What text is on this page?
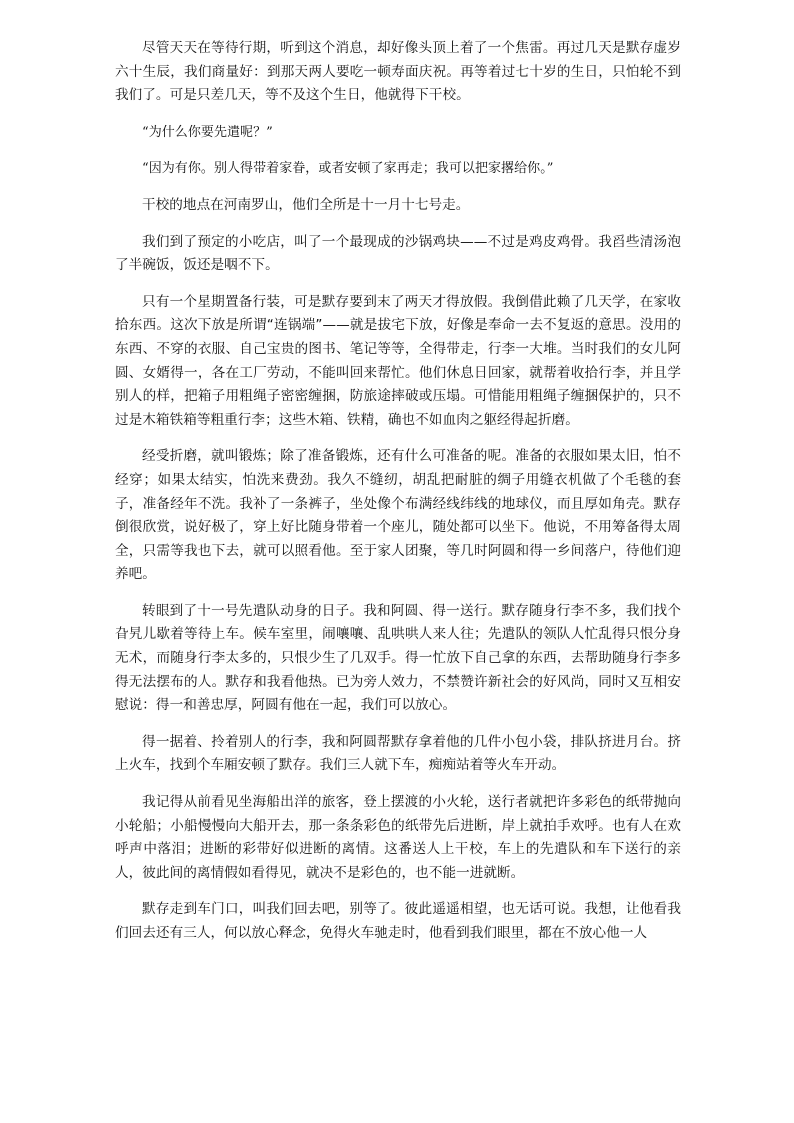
尽管天天在等待行期，听到这个消息，却好像头顶上着了一个焦雷。再过几天是默存虚岁六十生辰，我们商量好：到那天两人要吃一顿寿面庆祝。再等着过七十岁的生日，只怕轮不到我们了。可是只差几天，等不及这个生日，他就得下干校。

“为什么你要先遣呢？”

“因为有你。别人得带着家眷，或者安顿了家再走；我可以把家撂给你。”

干校的地点在河南罗山，他们全所是十一月十七号走。

我们到了预定的小吃店，叫了一个最现成的沙锅鸡块——不过是鸡皮鸡骨。我舀些清汤泡了半碗饭，饭还是咽不下。

只有一个星期置备行装，可是默存要到末了两天才得放假。我倒借此赖了几天学，在家收拾东西。这次下放是所谓“连锅端”——就是拔宅下放，好像是奉命一去不复返的意思。没用的东西、不穿的衣服、自己宝贵的图书、笔记等等，全得带走，行李一大堆。当时我们的女儿阿圆、女婿得一，各在工厂劳动，不能叫回来帮忙。他们休息日回家，就帮着收拾行李，并且学别人的样，把箱子用粗绳子密密缠捆，防旅途摔破或压塌。可惜能用粗绳子缠捆保护的，只不过是木箱铁箱等粗重行李；这些木箱、铁精，确也不如血肉之躯经得起折磨。

经受折磨，就叫锻炼；除了准备锻炼，还有什么可准备的呢。准备的衣服如果太旧，怕不经穿；如果太结实，怕洗来费劲。我久不缝纫，胡乱把耐脏的绸子用缝衣机做了个毛毯的套子，准备经年不洗。我补了一条裤子，坐处像个布满经线纬线的地球仪，而且厚如角壳。默存倒很欣赏，说好极了，穿上好比随身带着一个座儿，随处都可以坐下。他说，不用筹备得太周全，只需等我也下去，就可以照看他。至于家人团聚，等几时阿圆和得一乡间落户，待他们迎养吧。

转眼到了十一号先遣队动身的日子。我和阿圆、得一送行。默存随身行李不多，我们找个旮旯儿歇着等待上车。候车室里，闹嚷嚷、乱哄哄人来人往；先遣队的领队人忙乱得只恨分身无术，而随身行李太多的，只恨少生了几双手。得一忙放下自己拿的东西，去帮助随身行李多得无法摆布的人。默存和我看他热。已为旁人效力，不禁赞许新社会的好风尚，同时又互相安慰说：得一和善忠厚，阿圆有他在一起，我们可以放心。

得一据着、拎着别人的行李，我和阿圆帮默存拿着他的几件小包小袋，排队挤进月台。挤上火车，找到个车厢安顿了默存。我们三人就下车，痴痴站着等火车开动。

我记得从前看见坐海船出洋的旅客，登上摆渡的小火轮，送行者就把许多彩色的纸带抛向小轮船；小船慢慢向大船开去，那一条条彩色的纸带先后进断，岸上就拍手欢呼。也有人在欢呼声中落泪；进断的彩带好似进断的离情。这番送人上干校，车上的先遣队和车下送行的亲人，彼此间的离情假如看得见，就决不是彩色的，也不能一进就断。

默存走到车门口，叫我们回去吧，别等了。彼此遥遥相望，也无话可说。我想，让他看我们回去还有三人，何以放心释念，免得火车驰走时，他看到我们眼里，都在不放心他一人
